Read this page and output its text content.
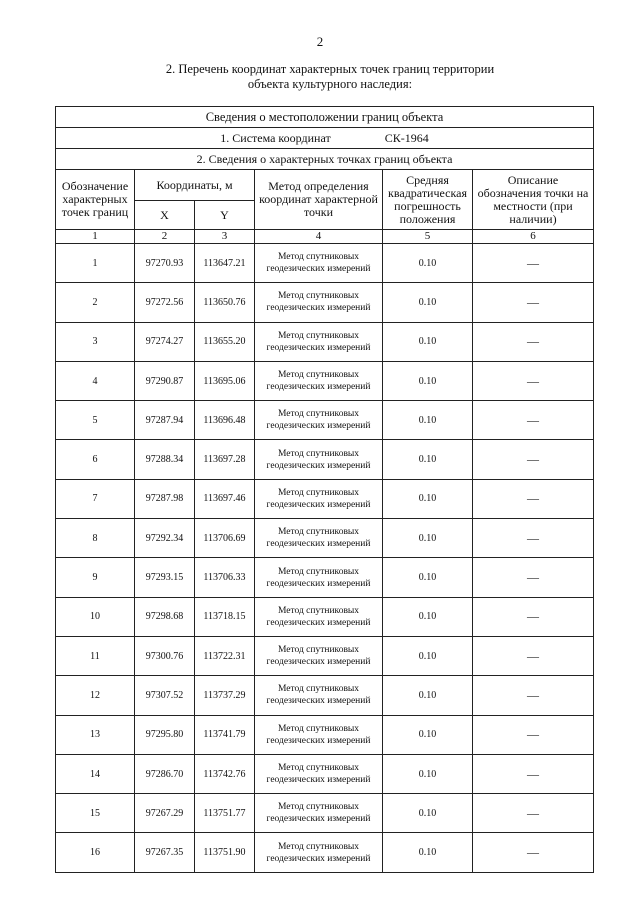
2
2. Перечень координат характерных точек границ территории
объекта культурного наследия:
Сведения о местоположении границ объекта					
1. Система координат СК-1964					
2. Сведения о характерных точках границ объекта					
Обозначение характерных точек границ	Координаты, м		Метод определения координат характерной точки	Средняя квадратическая погрешность положения	Описание обозначения точки на местности (при наличии)
	X	Y			
1	2	3	4	5	6
1	97270.93	113647.21	Метод спутниковых геодезических измерений	0.10	—
2	97272.56	113650.76	Метод спутниковых геодезических измерений	0.10	—
3	97274.27	113655.20	Метод спутниковых геодезических измерений	0.10	—
4	97290.87	113695.06	Метод спутниковых геодезических измерений	0.10	—
5	97287.94	113696.48	Метод спутниковых геодезических измерений	0.10	—
6	97288.34	113697.28	Метод спутниковых геодезических измерений	0.10	—
7	97287.98	113697.46	Метод спутниковых геодезических измерений	0.10	—
8	97292.34	113706.69	Метод спутниковых геодезических измерений	0.10	—
9	97293.15	113706.33	Метод спутниковых геодезических измерений	0.10	—
10	97298.68	113718.15	Метод спутниковых геодезических измерений	0.10	—
11	97300.76	113722.31	Метод спутниковых геодезических измерений	0.10	—
12	97307.52	113737.29	Метод спутниковых геодезических измерений	0.10	—
13	97295.80	113741.79	Метод спутниковых геодезических измерений	0.10	—
14	97286.70	113742.76	Метод спутниковых геодезических измерений	0.10	—
15	97267.29	113751.77	Метод спутниковых геодезических измерений	0.10	—
16	97267.35	113751.90	Метод спутниковых геодезических измерений	0.10	—
